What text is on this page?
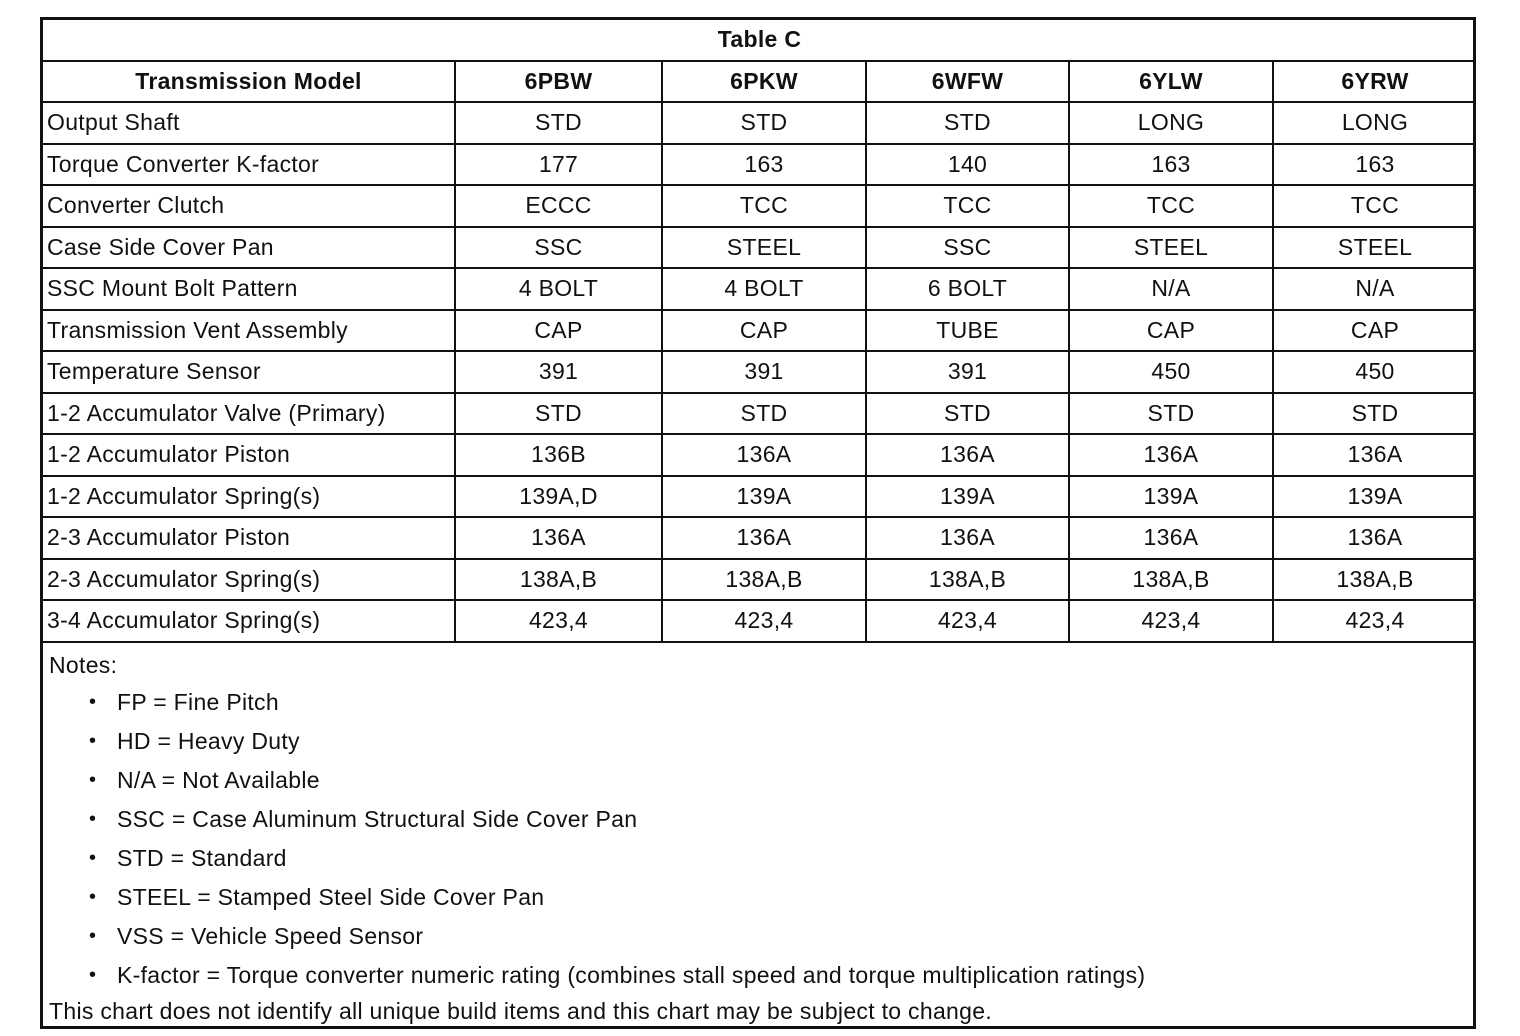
Table C					
Transmission Model	6PBW	6PKW	6WFW	6YLW	6YRW
Output Shaft	STD	STD	STD	LONG	LONG
Torque Converter K-factor	177	163	140	163	163
Converter Clutch	ECCC	TCC	TCC	TCC	TCC
Case Side Cover Pan	SSC	STEEL	SSC	STEEL	STEEL
SSC Mount Bolt Pattern	4 BOLT	4 BOLT	6 BOLT	N/A	N/A
Transmission Vent Assembly	CAP	CAP	TUBE	CAP	CAP
Temperature Sensor	391	391	391	450	450
1-2 Accumulator Valve (Primary)	STD	STD	STD	STD	STD
1-2 Accumulator Piston	136B	136A	136A	136A	136A
1-2 Accumulator Spring(s)	139A,D	139A	139A	139A	139A
2-3 Accumulator Piston	136A	136A	136A	136A	136A
2-3 Accumulator Spring(s)	138A,B	138A,B	138A,B	138A,B	138A,B
3-4 Accumulator Spring(s)	423,4	423,4	423,4	423,4	423,4
Notes:
• FP = Fine Pitch
• HD = Heavy Duty
• N/A = Not Available
• SSC = Case Aluminum Structural Side Cover Pan
• STD = Standard
• STEEL = Stamped Steel Side Cover Pan
• VSS = Vehicle Speed Sensor
• K-factor = Torque converter numeric rating (combines stall speed and torque multiplication ratings)
This chart does not identify all unique build items and this chart may be subject to change.
